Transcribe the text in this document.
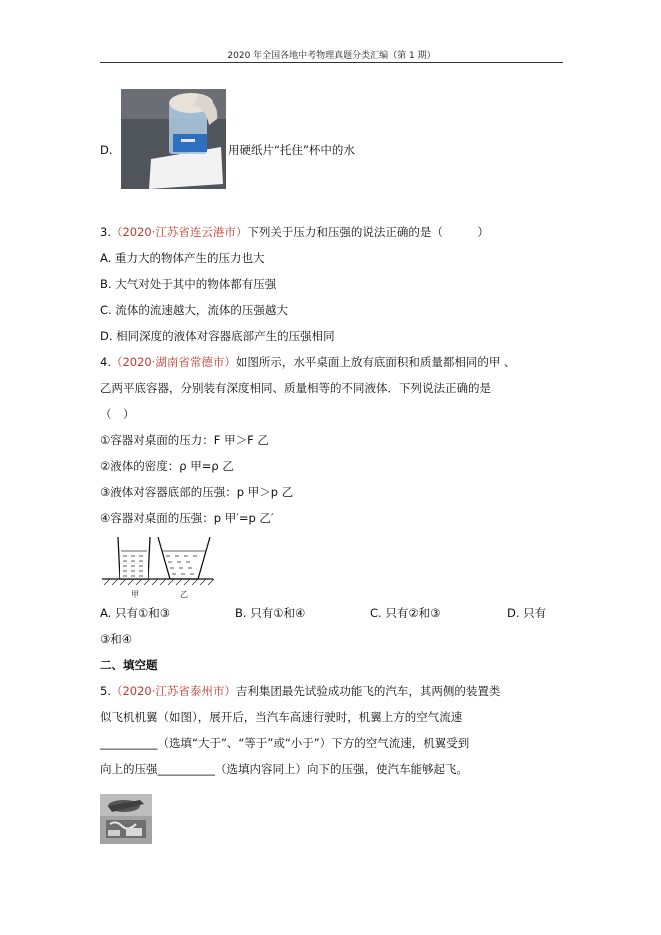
2020 年全国各地中考物理真题分类汇编（第 1 期）
D.	用硬纸片“托住”杯中的水
3.（2020·江苏省连云港市）下列关于压力和压强的说法正确的是（　　　）
A. 重力大的物体产生的压力也大
B. 大气对处于其中的物体都有压强
C. 流体的流速越大，流体的压强越大
D. 相同深度的液体对容器底部产生的压强相同
4.（2020·湖南省常德市）如图所示，水平桌面上放有底面积和质量都相同的甲 、
乙两平底容器，分别装有深度相同、质量相等的不同液体．下列说法正确的是
（　）
①容器对桌面的压力：F 甲＞F 乙
②液体的密度：ρ 甲=ρ 乙
③液体对容器底部的压强：p 甲＞p 乙
④容器对桌面的压强：p 甲′=p 乙′
甲	乙
A. 只有①和③	B. 只有①和④	C. 只有②和③	D. 只有
③和④
二、填空题
5.（2020·江苏省泰州市）吉利集团最先试验成功能飞的汽车，其两侧的装置类
似飞机机翼（如图），展开后，当汽车高速行驶时，机翼上方的空气流速
__________（选填“大于”、“等于”或“小于”）下方的空气流速，机翼受到
向上的压强__________（选填内容同上）向下的压强，使汽车能够起飞。
